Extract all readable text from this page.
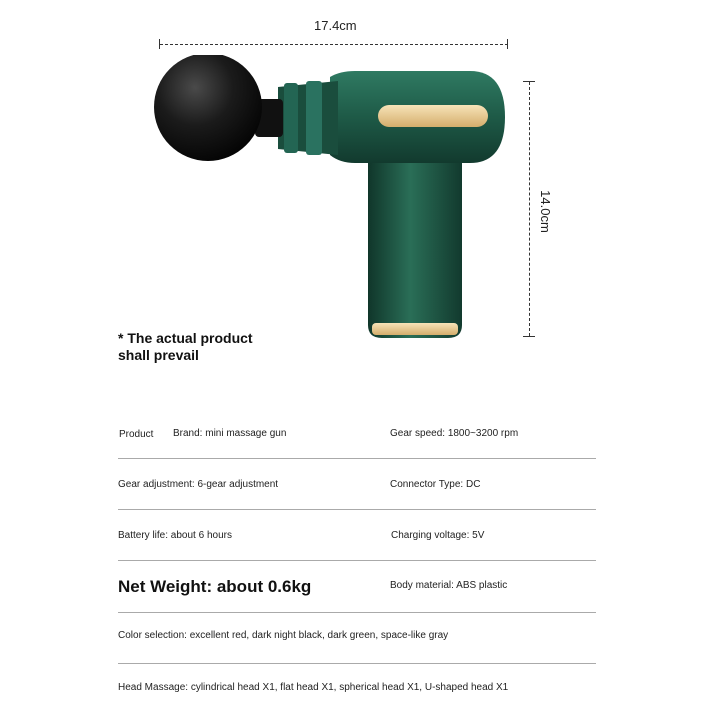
17.4cm
14.0cm
* The actual product
shall prevail
Product Brand: mini massage gun	Gear speed: 1800~3200 rpm
Gear adjustment: 6-gear adjustment	Connector Type: DC
Battery life: about 6 hours	Charging voltage: 5V
Net Weight: about 0.6kg	Body material: ABS plastic
Color selection: excellent red, dark night black, dark green, space-like gray
Head Massage: cylindrical head X1, flat head X1, spherical head X1, U-shaped head X1
